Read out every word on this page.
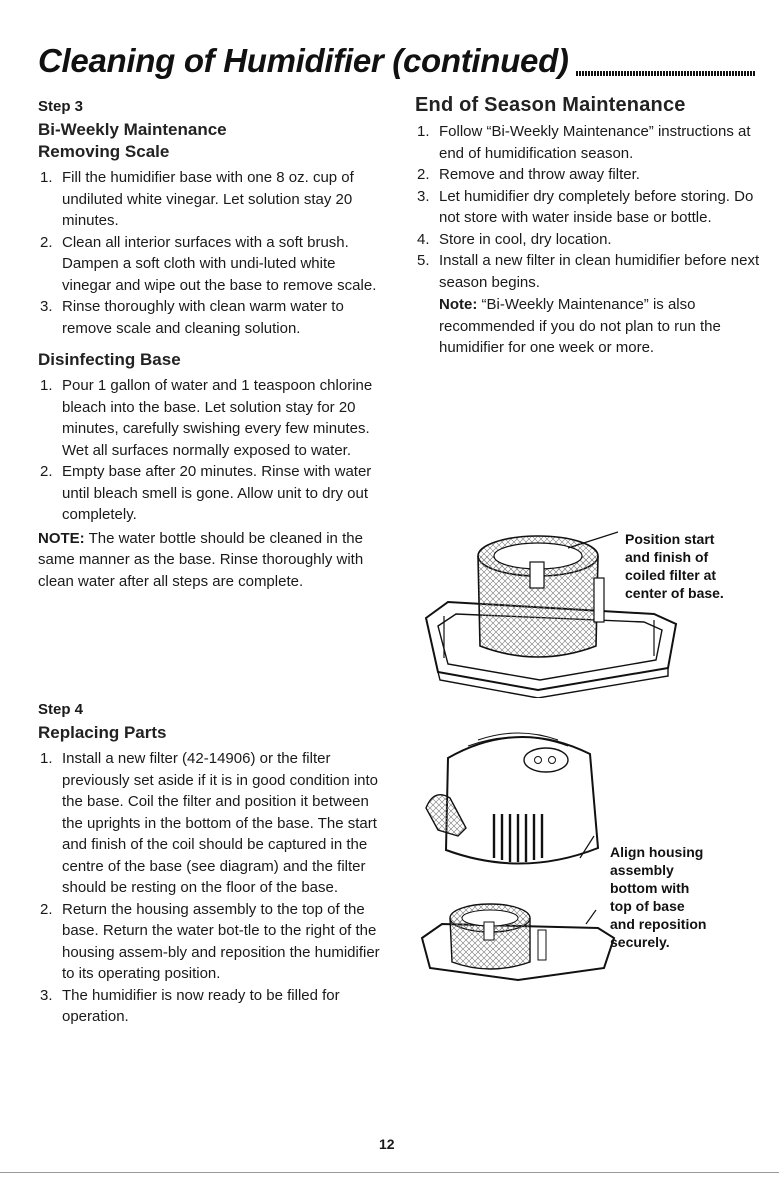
Cleaning of Humidifier (continued)
Step 3
Bi-Weekly Maintenance
Removing Scale
1. Fill the humidifier base with one 8 oz. cup of undiluted white vinegar. Let solution stay 20 minutes.
2. Clean all interior surfaces with a soft brush. Dampen a soft cloth with undi-luted white vinegar and wipe out the base to remove scale.
3. Rinse thoroughly with clean warm water to remove scale and cleaning solution.
Disinfecting Base
1. Pour 1 gallon of water and 1 teaspoon chlorine bleach into the base. Let solution stay for 20 minutes, carefully swishing every few minutes. Wet all surfaces normally exposed to water.
2. Empty base after 20 minutes. Rinse with water until bleach smell is gone. Allow unit to dry out completely.

NOTE: The water bottle should be cleaned in the same manner as the base. Rinse thoroughly with clean water after all steps are complete.

Step 4
Replacing Parts
1. Install a new filter (42-14906) or the filter previously set aside if it is in good condition into the base. Coil the filter and position it between the uprights in the bottom of the base. The start and finish of the coil should be captured in the centre of the base (see diagram) and the filter should be resting on the floor of the base.
2. Return the housing assembly to the top of the base. Return the water bot-tle to the right of the housing assem-bly and reposition the humidifier to its operating position.
3. The humidifier is now ready to be filled for operation.
End of Season Maintenance
1. Follow “Bi-Weekly Maintenance” instructions at end of humidification season.
2. Remove and throw away filter.
3. Let humidifier dry completely before storing. Do not store with water inside base or bottle.
4. Store in cool, dry location.
5. Install a new filter in clean humidifier before next season begins.
Note: “Bi-Weekly Maintenance” is also recommended if you do not plan to run the humidifier for one week or more.
Position start
and finish of
coiled filter at
center of base.
Align housing
assembly
bottom with
top of base
and reposition
securely.
12
